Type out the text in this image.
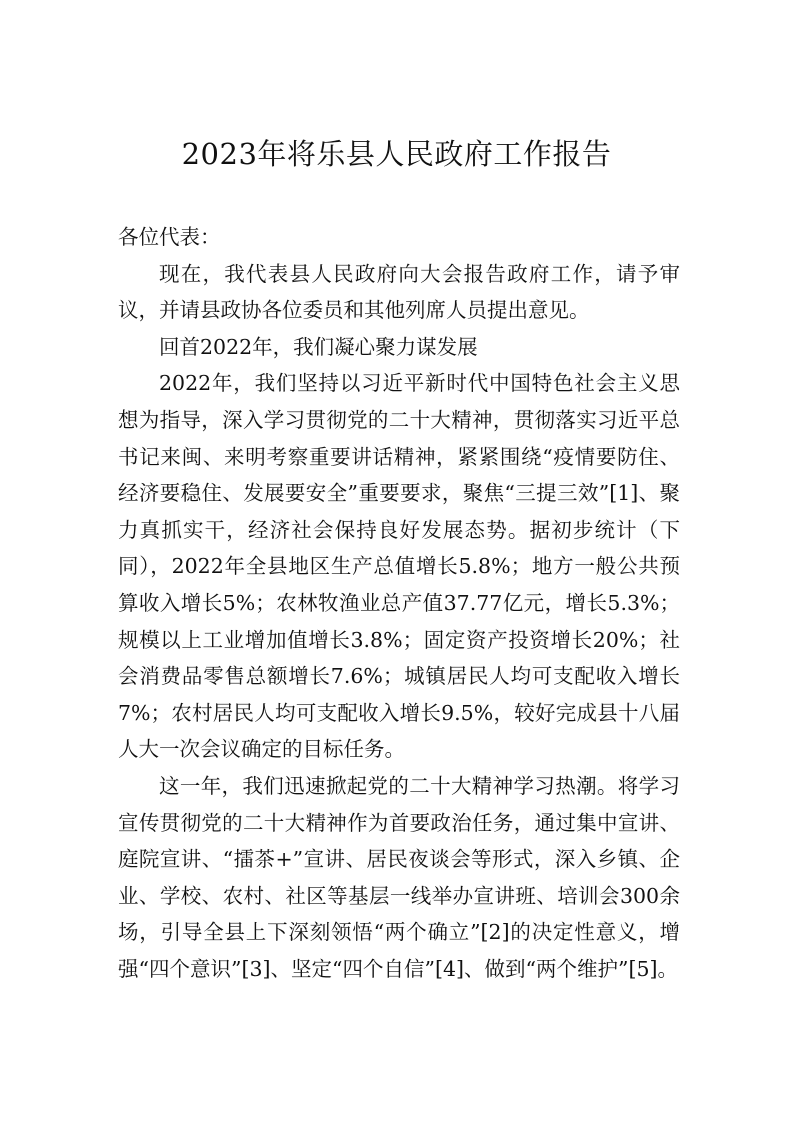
2023年将乐县人民政府工作报告

各位代表：

现在，我代表县人民政府向大会报告政府工作，请予审议，并请县政协各位委员和其他列席人员提出意见。

回首2022年，我们凝心聚力谋发展

2022年，我们坚持以习近平新时代中国特色社会主义思想为指导，深入学习贯彻党的二十大精神，贯彻落实习近平总书记来闽、来明考察重要讲话精神，紧紧围绕“疫情要防住、经济要稳住、发展要安全”重要要求，聚焦“三提三效”[1]、聚力真抓实干，经济社会保持良好发展态势。据初步统计（下同），2022年全县地区生产总值增长5.8%；地方一般公共预算收入增长5%；农林牧渔业总产值37.77亿元，增长5.3%；规模以上工业增加值增长3.8%；固定资产投资增长20%；社会消费品零售总额增长7.6%；城镇居民人均可支配收入增长7%；农村居民人均可支配收入增长9.5%，较好完成县十八届人大一次会议确定的目标任务。

这一年，我们迅速掀起党的二十大精神学习热潮。将学习宣传贯彻党的二十大精神作为首要政治任务，通过集中宣讲、庭院宣讲、“擂茶+”宣讲、居民夜谈会等形式，深入乡镇、企业、学校、农村、社区等基层一线举办宣讲班、培训会300余场，引导全县上下深刻领悟“两个确立”[2]的决定性意义，增强“四个意识”[3]、坚定“四个自信”[4]、做到“两个维护”[5]。
